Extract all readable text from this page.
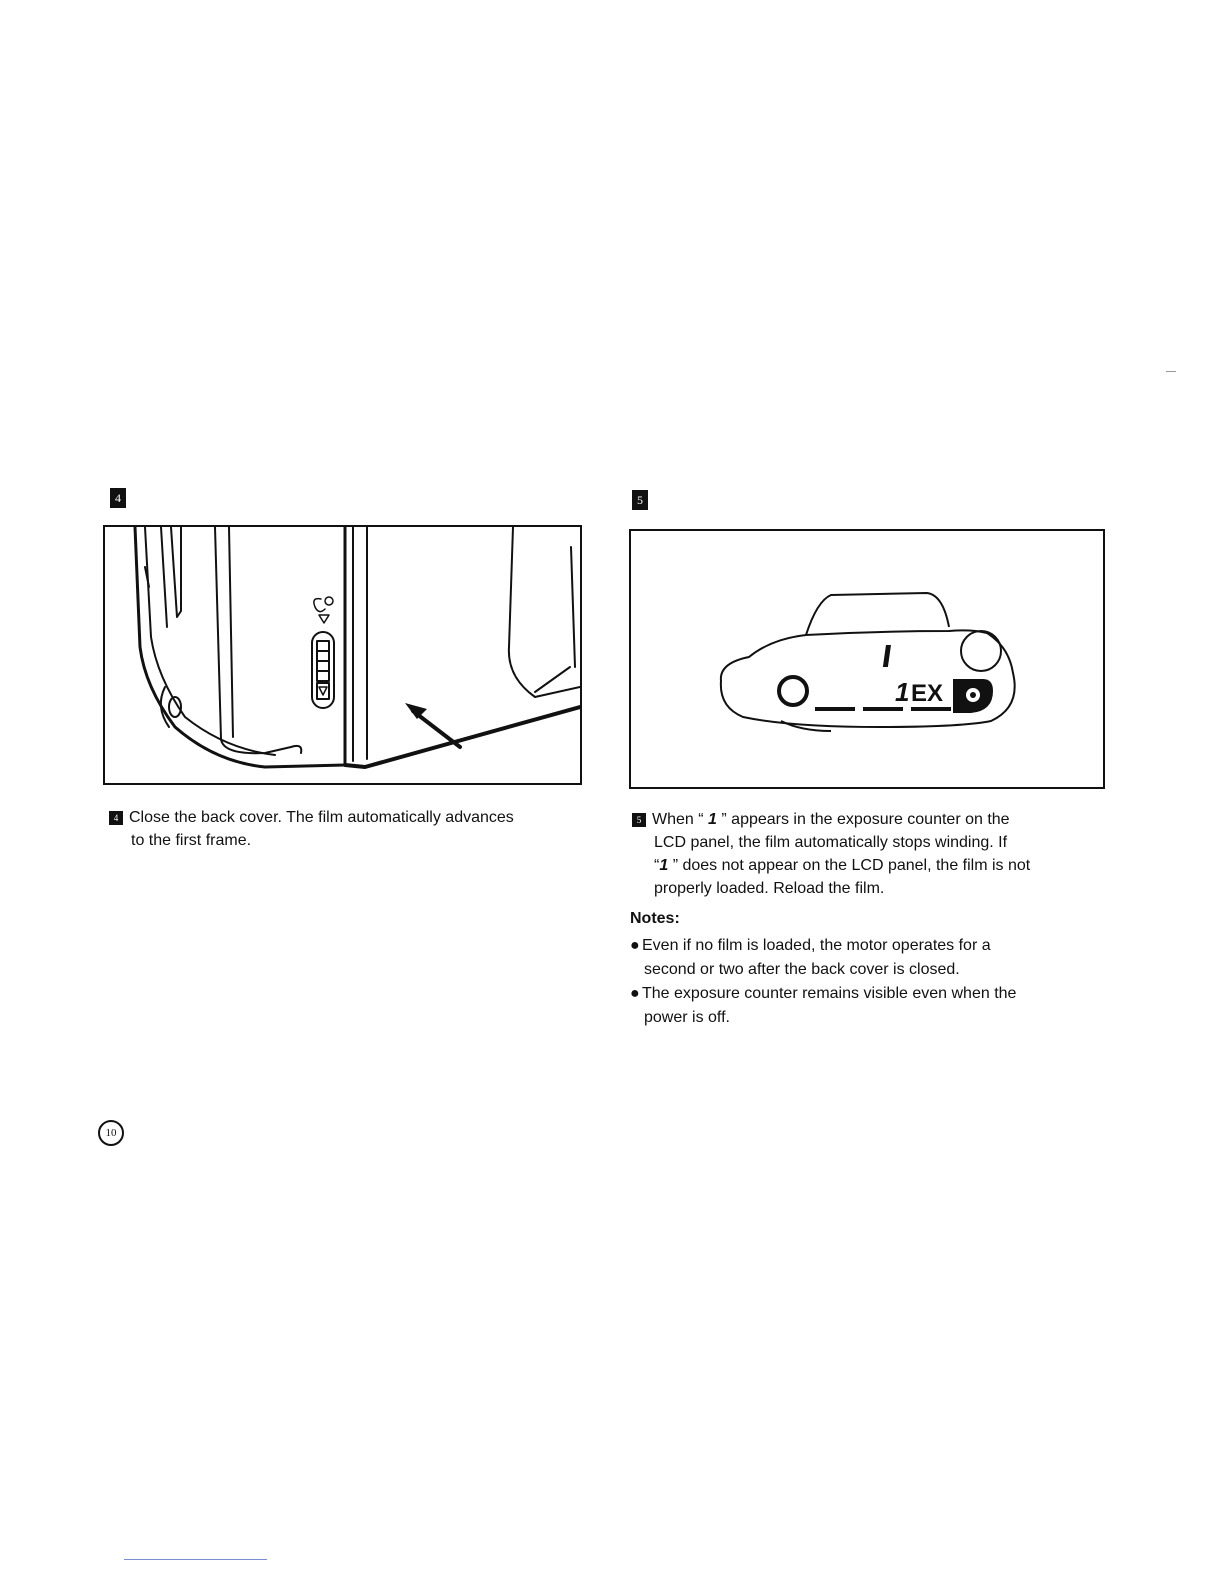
4
4 Close the back cover. The film automatically advances
to the first frame.
5
1 EX
5 When “ 1 ” appears in the exposure counter on the
LCD panel, the film automatically stops winding. If
“1 ” does not appear on the LCD panel, the film is not
properly loaded. Reload the film.
Notes:
● Even if no film is loaded, the motor operates for a
second or two after the back cover is closed.
● The exposure counter remains visible even when the
power is off.
10
